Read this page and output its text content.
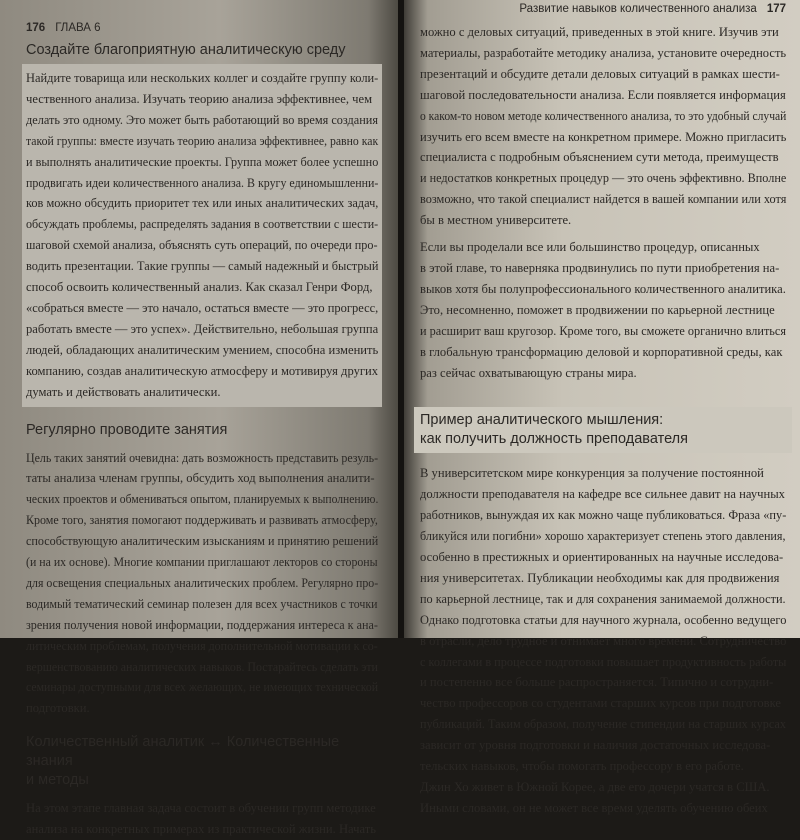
176 ГЛАВА 6
Создайте благоприятную аналитическую среду
Найдите товарища или нескольких коллег и создайте группу коли-
чественного анализа. Изучать теорию анализа эффективнее, чем
делать это одному. Это может быть работающий во время создания
такой группы: вместе изучать теорию анализа эффективнее, равно как
и выполнять аналитические проекты. Группа может более успешно
продвигать идеи количественного анализа. В кругу единомышленни-
ков можно обсудить приоритет тех или иных аналитических задач,
обсуждать проблемы, распределять задания в соответствии с шести-
шаговой схемой анализа, объяснять суть операций, по очереди про-
водить презентации. Такие группы — самый надежный и быстрый
способ освоить количественный анализ. Как сказал Генри Форд,
«собраться вместе — это начало, остаться вместе — это прогресс,
работать вместе — это успех». Действительно, небольшая группа
людей, обладающих аналитическим умением, способна изменить
компанию, создав аналитическую атмосферу и мотивируя других
думать и действовать аналитически.
Регулярно проводите занятия
Цель таких занятий очевидна: дать возможность представить резуль-
таты анализа членам группы, обсудить ход выполнения аналити-
ческих проектов и обмениваться опытом, планируемых к выполнению.
Кроме того, занятия помогают поддерживать и развивать атмосферу,
способствующую аналитическим изысканиям и принятию решений
(и на их основе). Многие компании приглашают лекторов со стороны
для освещения специальных аналитических проблем. Регулярно про-
водимый тематический семинар полезен для всех участников с точки
зрения получения новой информации, поддержания интереса к ана-
литическим проблемам, получения дополнительной мотивации к со-
вершенствованию аналитических навыков. Постарайтесь сделать эти
семинары доступными для всех желающих, не имеющих технической
подготовки.
Количественный аналитик ↔ Количественные знания
и методы
На этом этапе главная задача состоит в обучении групп методике
анализа на конкретных примерах из практической жизни. Начать
Развитие навыков количественного анализа 177
можно с деловых ситуаций, приведенных в этой книге. Изучив эти
материалы, разработайте методику анализа, установите очередность
презентаций и обсудите детали деловых ситуаций в рамках шести-
шаговой последовательности анализа. Если появляется информация
о каком-то новом методе количественного анализа, то это удобный случай
изучить его всем вместе на конкретном примере. Можно пригласить
специалиста с подробным объяснением сути метода, преимуществ
и недостатков конкретных процедур — это очень эффективно. Вполне
возможно, что такой специалист найдется в вашей компании или хотя
бы в местном университете.
Если вы проделали все или большинство процедур, описанных
в этой главе, то наверняка продвинулись по пути приобретения на-
выков хотя бы полупрофессионального количественного аналитика.
Это, несомненно, поможет в продвижении по карьерной лестнице
и расширит ваш кругозор. Кроме того, вы сможете органично влиться
в глобальную трансформацию деловой и корпоративной среды, как
раз сейчас охватывающую страны мира.
Пример аналитического мышления:
как получить должность преподавателя
В университетском мире конкуренция за получение постоянной
должности преподавателя на кафедре все сильнее давит на научных
работников, вынуждая их как можно чаще публиковаться. Фраза «пу-
бликуйся или погибни» хорошо характеризует степень этого давления,
особенно в престижных и ориентированных на научные исследова-
ния университетах. Публикации необходимы как для продвижения
по карьерной лестнице, так и для сохранения занимаемой должности.
Однако подготовка статьи для научного журнала, особенно ведущего
в отрасли, дело трудное и отнимает много времени. Сотрудничество
с коллегами в процессе подготовки повышает продуктивность работы
и постепенно все больше распространяется. Типично и сотрудни-
чество профессоров со студентами старших курсов при подготовке
публикаций. Таким образом, получение стипендии на старших курсах
зависит от уровня подготовки и наличия достаточных исследова-
тельских навыков, чтобы помогать профессору в его работе.
Джин Хо живет в Южной Корее, а две его дочери учатся в США.
Иными словами, он не может все время уделять обучению обеих
